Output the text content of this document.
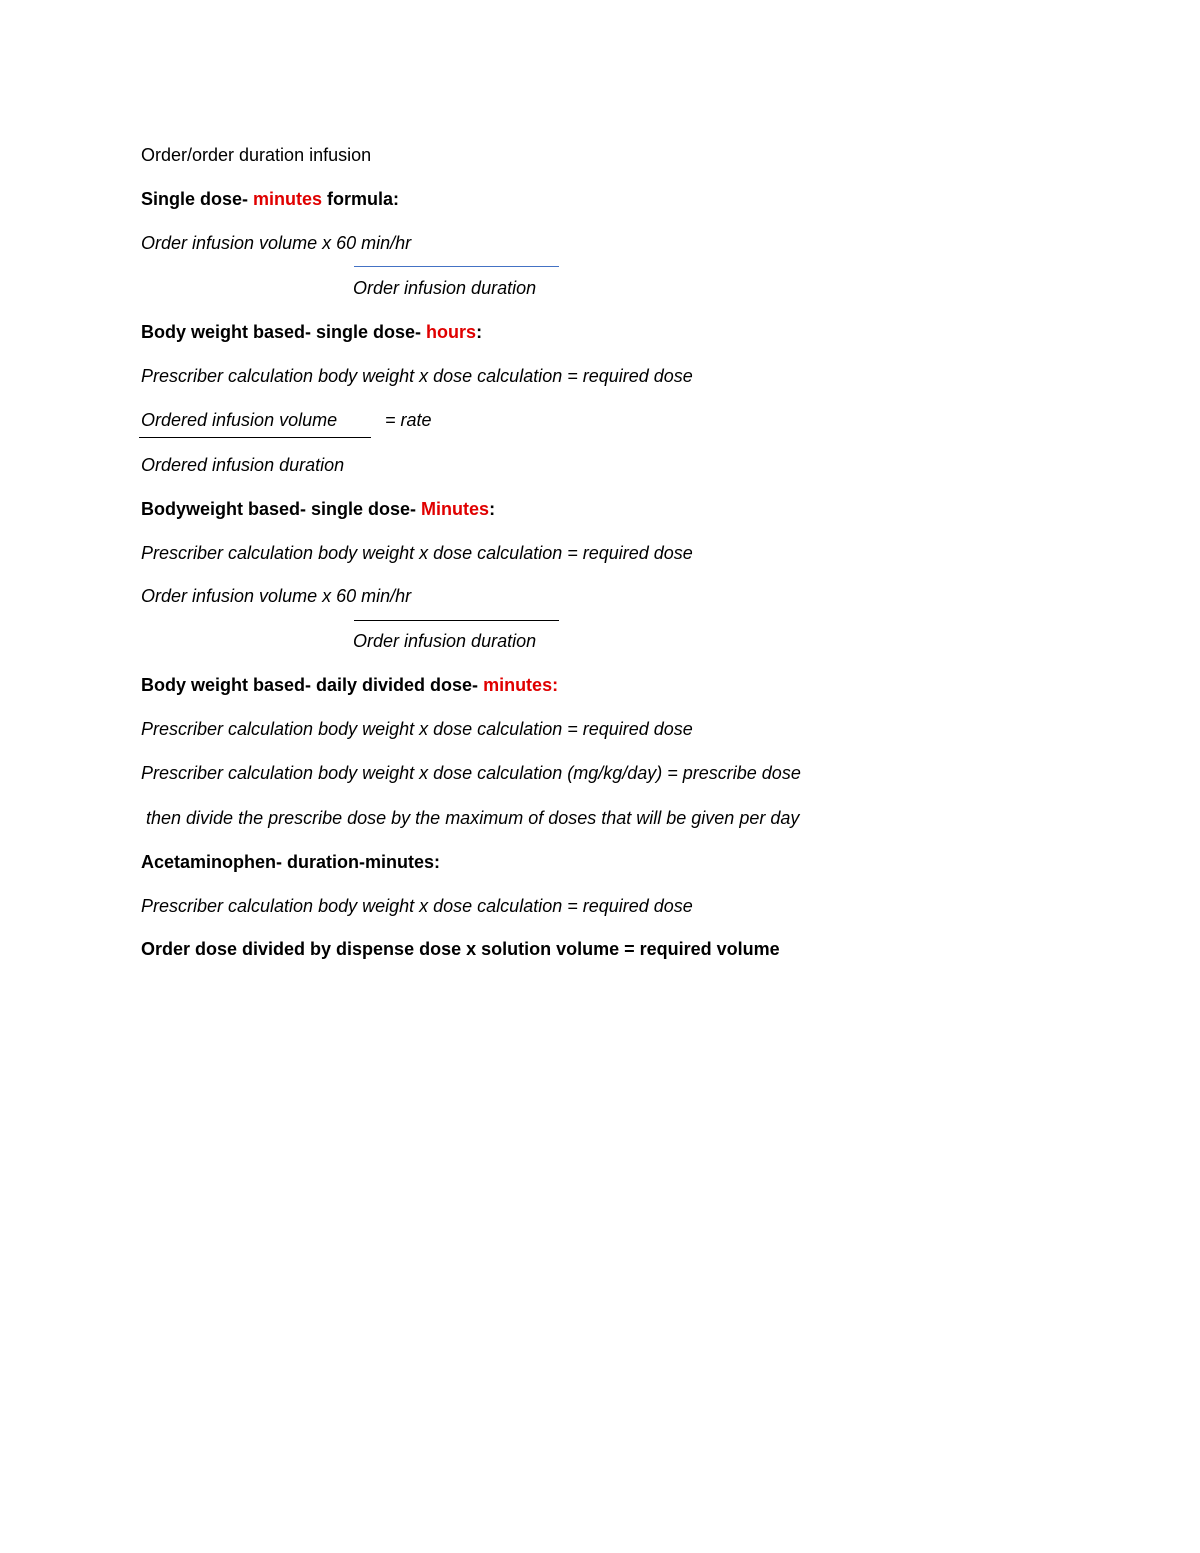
Order/order duration infusion
Single dose- minutes formula:
Order infusion volume x 60 min/hr
Order infusion duration
Body weight based- single dose- hours:
Prescriber calculation body weight x dose calculation = required dose
Ordered infusion volume	= rate
Ordered infusion duration
Bodyweight based- single dose- Minutes:
Prescriber calculation body weight x dose calculation = required dose
Order infusion volume x 60 min/hr
Order infusion duration
Body weight based- daily divided dose- minutes:
Prescriber calculation body weight x dose calculation = required dose
Prescriber calculation body weight x dose calculation (mg/kg/day) = prescribe dose
then divide the prescribe dose by the maximum of doses that will be given per day
Acetaminophen- duration-minutes:
Prescriber calculation body weight x dose calculation = required dose
Order dose divided by dispense dose x solution volume = required volume
